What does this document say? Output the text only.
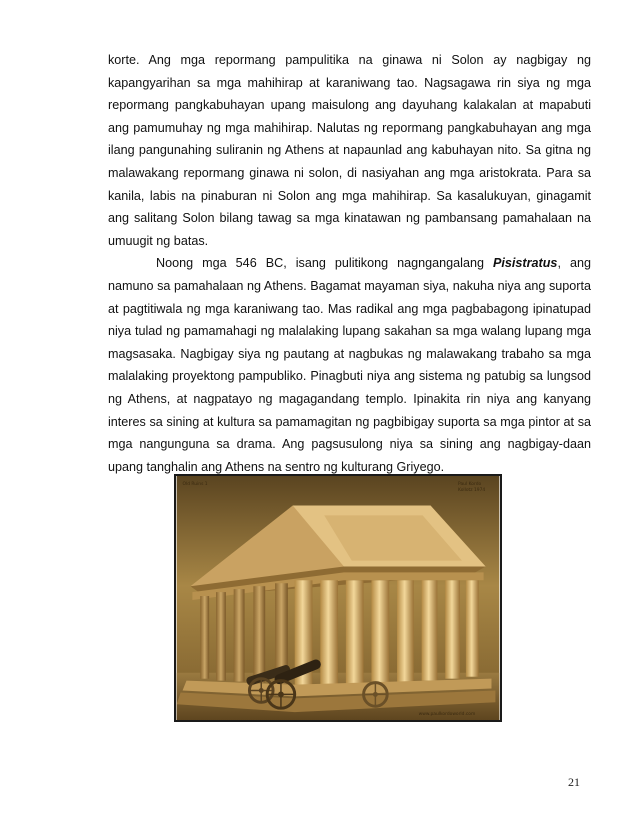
korte. Ang mga repormang pampulitika na ginawa ni Solon ay nagbigay ng kapangyarihan sa mga mahihirap at karaniwang tao. Nagsagawa rin siya ng mga repormang pangkabuhayan upang maisulong ang dayuhang kalakalan at mapabuti ang pamumuhay ng mga mahihirap. Nalutas ng repormang pangkabuhayan ang mga ilang pangunahing suliranin ng Athens at napaunlad ang kabuhayan nito. Sa gitna ng malawakang repormang ginawa ni solon, di nasiyahan ang mga aristokrata. Para sa kanila, labis na pinaburan ni Solon ang mga mahihirap. Sa kasalukuyan, ginagamit ang salitang Solon bilang tawag sa mga kinatawan ng pambansang pamahalaan na umuugit ng batas.

Noong mga 546 BC, isang pulitikong nagngangalang Pisistratus, ang namuno sa pamahalaan ng Athens. Bagamat mayaman siya, nakuha niya ang suporta at pagtitiwala ng mga karaniwang tao. Mas radikal ang mga pagbabagong ipinatupad niya tulad ng pamamahagi ng malalaking lupang sakahan sa mga walang lupang mga magsasaka. Nagbigay siya ng pautang at nagbukas ng malawakang trabaho sa mga malalaking proyektong pampubliko. Pinagbuti niya ang sistema ng patubig sa lungsod ng Athens, at nagpatayo ng magagandang templo. Ipinakita rin niya ang kanyang interes sa sining at kultura sa pamamagitan ng pagbibigay suporta sa mga pintor at sa mga nangunguna sa drama. Ang pagsusulong niya sa sining ang nagbigay-daan upang tanghalin ang Athens na sentro ng kulturang Griyego.

Old Ruins 1	Paul Kordo
Kollotz 1974
www.paulkordoworld.com
21
